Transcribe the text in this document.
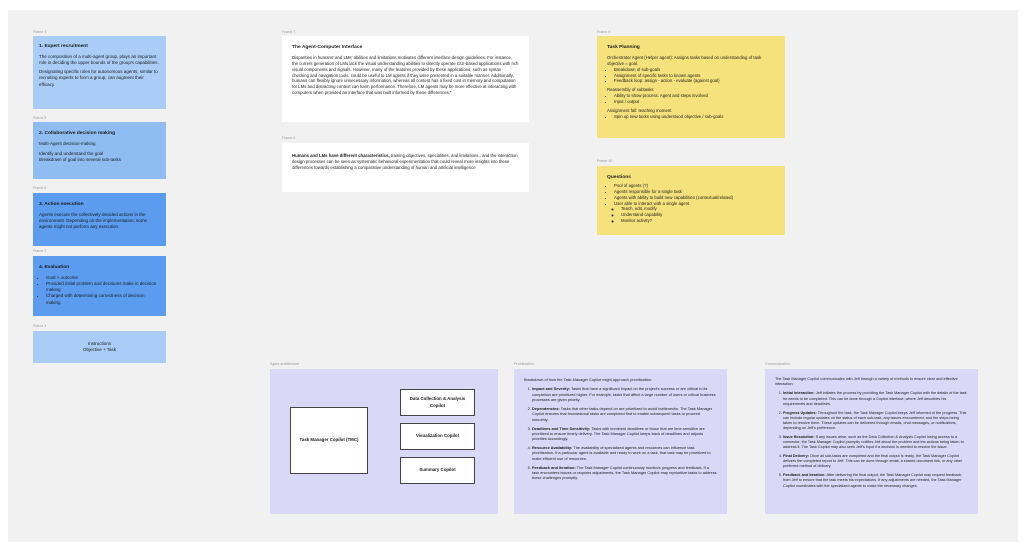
Frame 3
1. Expert recruitment

The composition of a multi-agent group, plays an important role in deciding the upper bounds of the group's capabilities.

Designating specific roles for autonomous agents, similar to recruiting experts to form a group, can augment their efficacy.

Frame 5
2. Collaborative decision making

Multi-Agent decision-making

Identify and understand the goal

Breakdown of goal into several sub-tasks

Frame 6
3. Action execution

Agents execute the collectively-decided actions in the environment. Depending on the implementation, some agents might not perform any execution.

Frame 2
4. Evaluation
• Goal > outcome
• Provided initial problem and decisions make in decision making
• Charged with determining correctness of decision making
Frame 4
Instructions
Objective + Task
Frame 7
The Agent-Computer Interface

Disparities in humans' and LMs' abilities and limitations motivates different interface design guidelines. For instance, the current generation of LMs lack the visual understanding abilities to directly operate GUI-based applications with rich visual components and signals. However, many of the features provided by these applications, such as syntax checking and navigation tools, could be useful to LM agents if they were presented in a suitable manner. Additionally, humans can flexibly ignore unnecessary information, whereas all content has a fixed cost in memory and computation for LMs and distracting context can harm performance. Therefore, LM agents may be more effective at interacting with computers when provided an interface that was built informed by these differences."

Frame 8

Humans and LMs have different characteristics, training objectives, specialities, and limitations , and the interaction design processes can be seen as systematic behavioral experimentation that could reveal more insights into these differences towards establishing a comparative understanding of human and artificial intelligence

Frame 9
Task Planning

Orchestrator Agent (Helper agent): Assigns tasks based on understanding of task objective = goal.

• Breakdown of sub-goals
• Assignment of specific tasks to known agents
• Feedback loop: assign - action - evaluate (against goal)

Reassembly of subtasks

• Ability to show process. Agent and steps involved
• Input / output

Assignment fail: teaching moment

• Spin up new tasks using understood objective / sub-goals
Frame 10
Questions
• Pool of agents (?)
• Agents responsible for a single task
• Agents with ability to build new capabilities (contextual/related)
• User able to interact with a single agent
◦ Teach, edit, modify
◦ Understand capability
◦ Monitor activity?
Agent architecture
Task Manager Copilot (TMC)
Data Collection & Analysis Copilot
Visualization Copilot
Summary Copilot
Prioritization

Breakdown of how the Task Manager Copilot might approach prioritization:

1. Impact and Severity: Tasks that have a significant impact on the project's success or are critical to its completion are prioritized higher. For example, tasks that affect a large number of users or critical business processes are given priority.
2. Dependencies: Tasks that other tasks depend on are prioritized to avoid bottlenecks. The Task Manager Copilot ensures that foundational tasks are completed first to enable subsequent tasks to proceed smoothly.
3. Deadlines and Time Sensitivity: Tasks with imminent deadlines or those that are time-sensitive are prioritized to ensure timely delivery. The Task Manager Copilot keeps track of deadlines and adjusts priorities accordingly.
4. Resource Availability: The availability of specialized agents and resources can influence task prioritization. If a particular agent is available and ready to work on a task, that task may be prioritized to make efficient use of resources.
5. Feedback and Iteration: The Task Manager Copilot continuously monitors progress and feedback. If a task encounters issues or requires adjustments, the Task Manager Copilot may reprioritize tasks to address these challenges promptly.
Communication

The Task Manager Copilot communicates with Jeff through a variety of methods to ensure clear and effective interaction:

1. Initial Interaction: Jeff initiates the process by providing the Task Manager Copilot with the details of the task he needs to be completed. This can be done through a Copilot interface, where Jeff describes his requirements and deadlines.
2. Progress Updates: Throughout the task, the Task Manager Copilot keeps Jeff informed of the progress. This can include regular updates on the status of each sub-task, any issues encountered, and the steps being taken to resolve them. These updates can be delivered through emails, chat messages, or notifications, depending on Jeff's preference.
3. Issue Resolution: If any issues arise, such as the Data Collection & Analysis Copilot losing access to a connector, the Task Manager Copilot promptly notifies Jeff about the problem and the actions being taken to address it. The Task Copilot may also seek Jeff's input if a decision is needed to resolve the issue.
4. Final Delivery: Once all sub-tasks are completed and the final output is ready, the Task Manager Copilot delivers the completed report to Jeff. This can be done through email, a shared document link, or any other preferred method of delivery.
5. Feedback and Iteration: After delivering the final output, the Task Manager Copilot may request feedback from Jeff to ensure that the task meets his expectations. If any adjustments are needed, the Task Manager Copilot coordinates with the specialized agents to make the necessary changes.
